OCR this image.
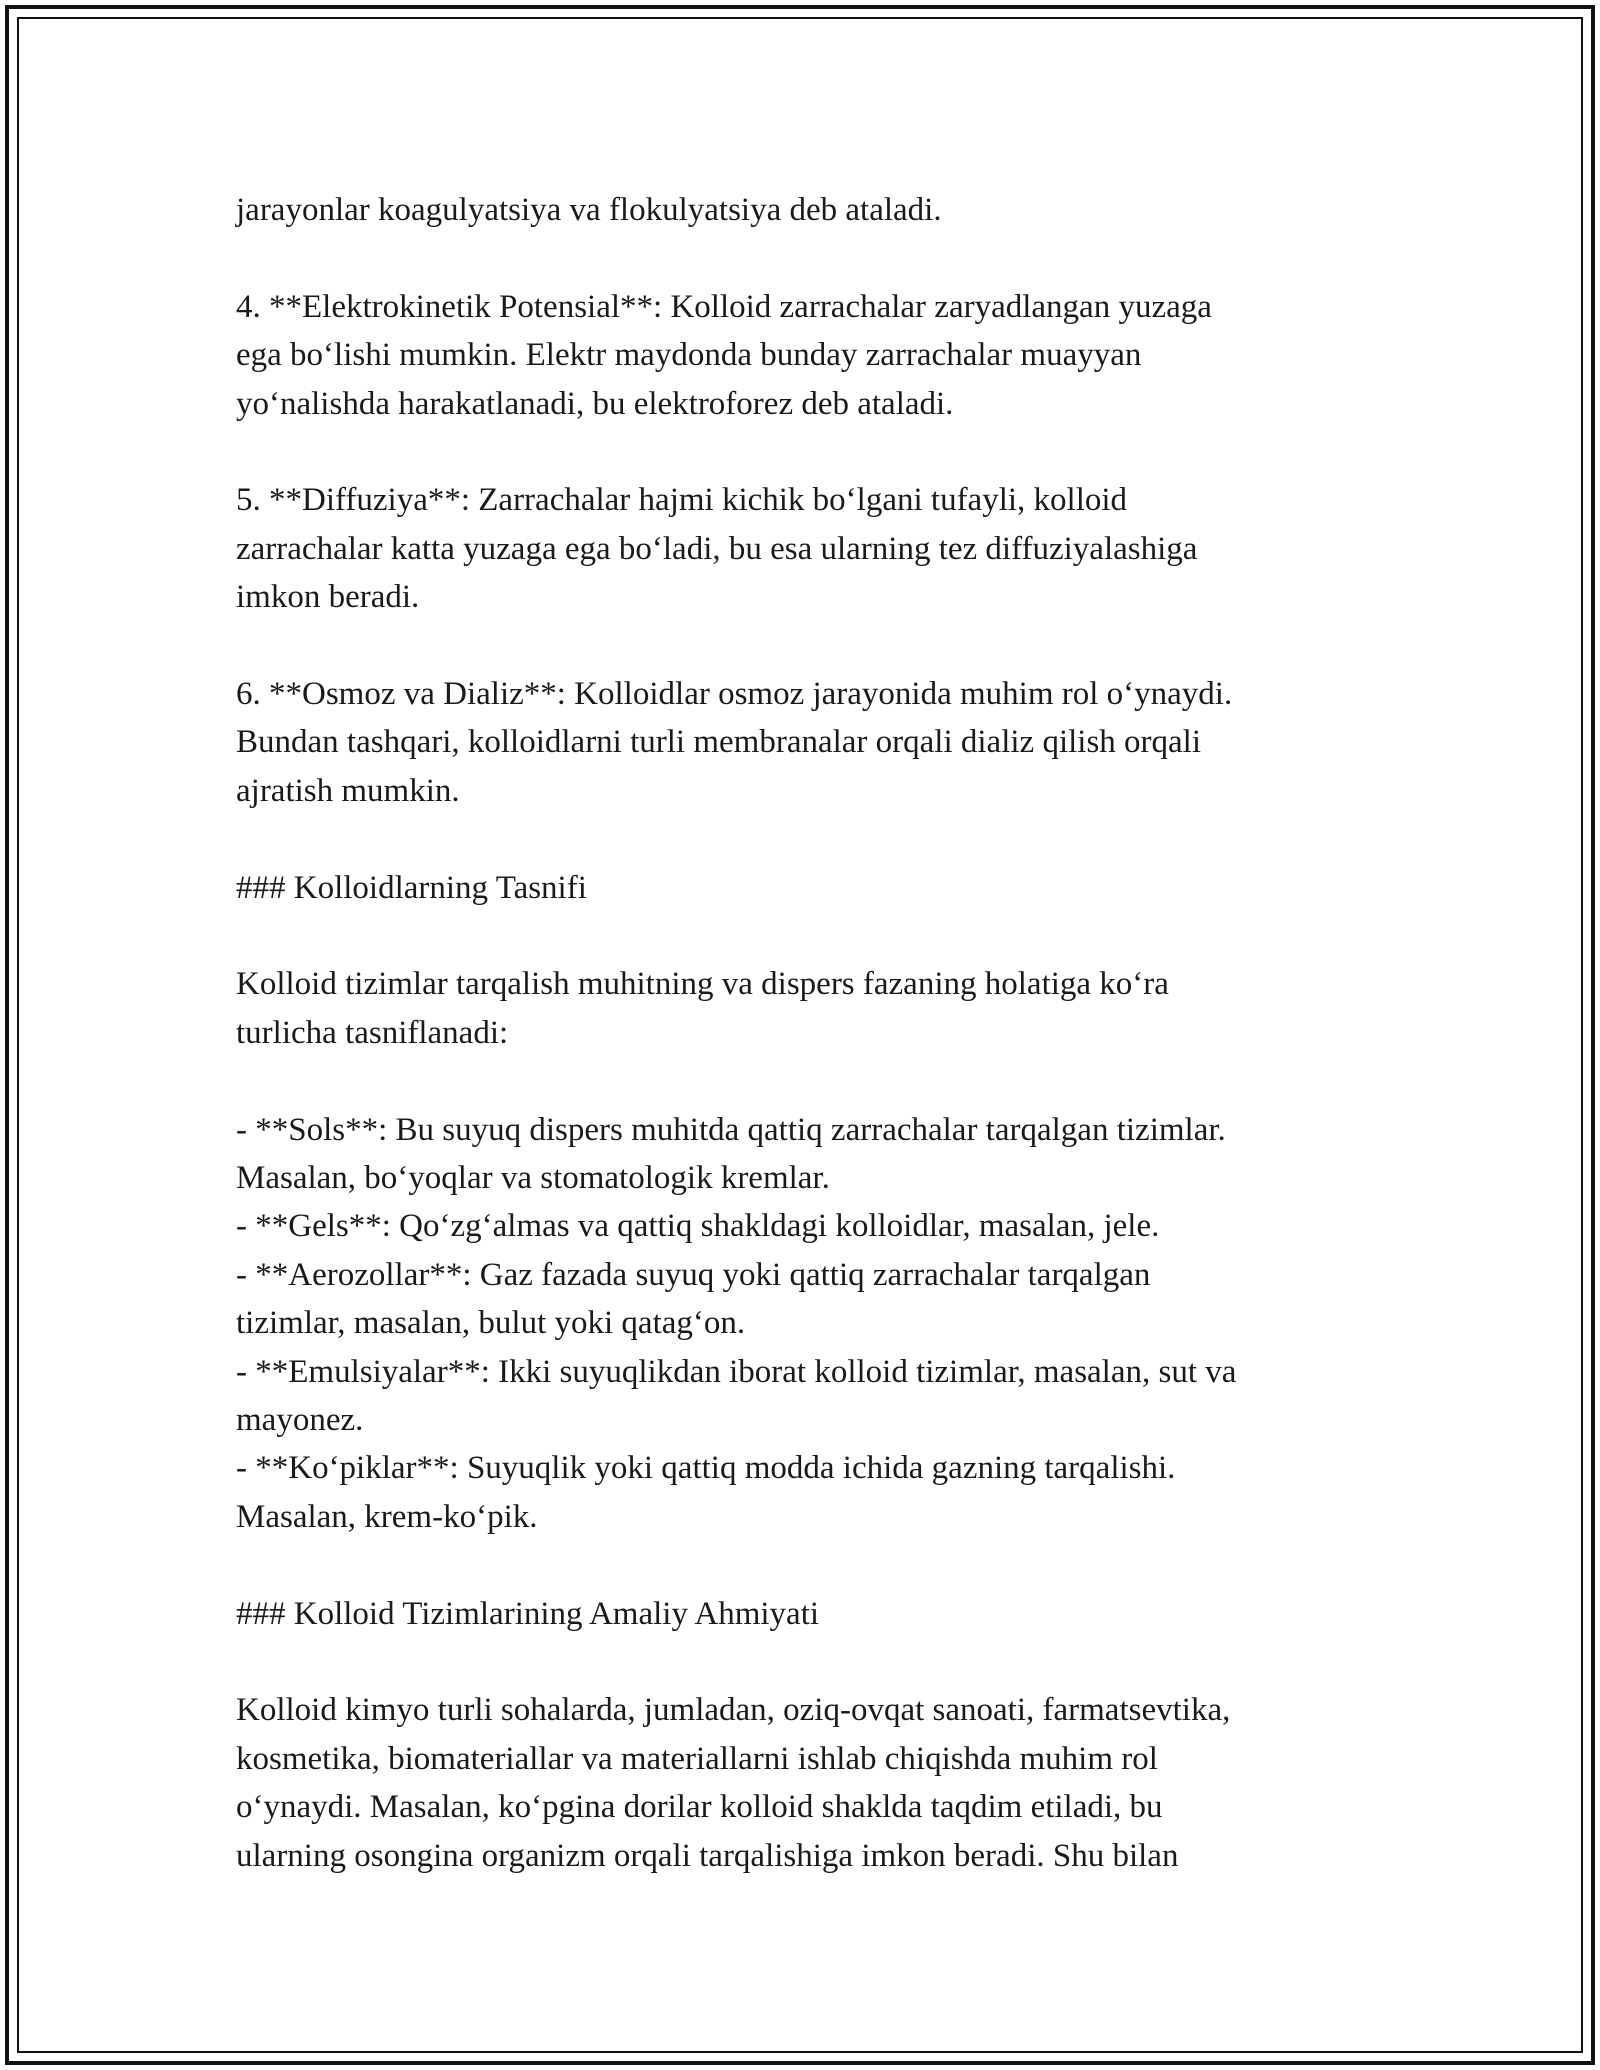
jarayonlar koagulyatsiya va flokulyatsiya deb ataladi.

4. **Elektrokinetik Potensial**: Kolloid zarrachalar zaryadlangan yuzaga

ega bo‘lishi mumkin. Elektr maydonda bunday zarrachalar muayyan

yo‘nalishda harakatlanadi, bu elektroforez deb ataladi.

5. **Diffuziya**: Zarrachalar hajmi kichik bo‘lgani tufayli, kolloid

zarrachalar katta yuzaga ega bo‘ladi, bu esa ularning tez diffuziyalashiga

imkon beradi.

6. **Osmoz va Dializ**: Kolloidlar osmoz jarayonida muhim rol o‘ynaydi.

Bundan tashqari, kolloidlarni turli membranalar orqali dializ qilish orqali

ajratish mumkin.

### Kolloidlarning Tasnifi

Kolloid tizimlar tarqalish muhitning va dispers fazaning holatiga ko‘ra

turlicha tasniflanadi:

- **Sols**: Bu suyuq dispers muhitda qattiq zarrachalar tarqalgan tizimlar.

Masalan, bo‘yoqlar va stomatologik kremlar.

- **Gels**: Qo‘zg‘almas va qattiq shakldagi kolloidlar, masalan, jele.

- **Aerozollar**: Gaz fazada suyuq yoki qattiq zarrachalar tarqalgan

tizimlar, masalan, bulut yoki qatag‘on.

- **Emulsiyalar**: Ikki suyuqlikdan iborat kolloid tizimlar, masalan, sut va

mayonez.

- **Ko‘piklar**: Suyuqlik yoki qattiq modda ichida gazning tarqalishi.

Masalan, krem-ko‘pik.

### Kolloid Tizimlarining Amaliy Ahmiyati

Kolloid kimyo turli sohalarda, jumladan, oziq-ovqat sanoati, farmatsevtika,

kosmetika, biomateriallar va materiallarni ishlab chiqishda muhim rol

o‘ynaydi. Masalan, ko‘pgina dorilar kolloid shaklda taqdim etiladi, bu

ularning osongina organizm orqali tarqalishiga imkon beradi. Shu bilan
